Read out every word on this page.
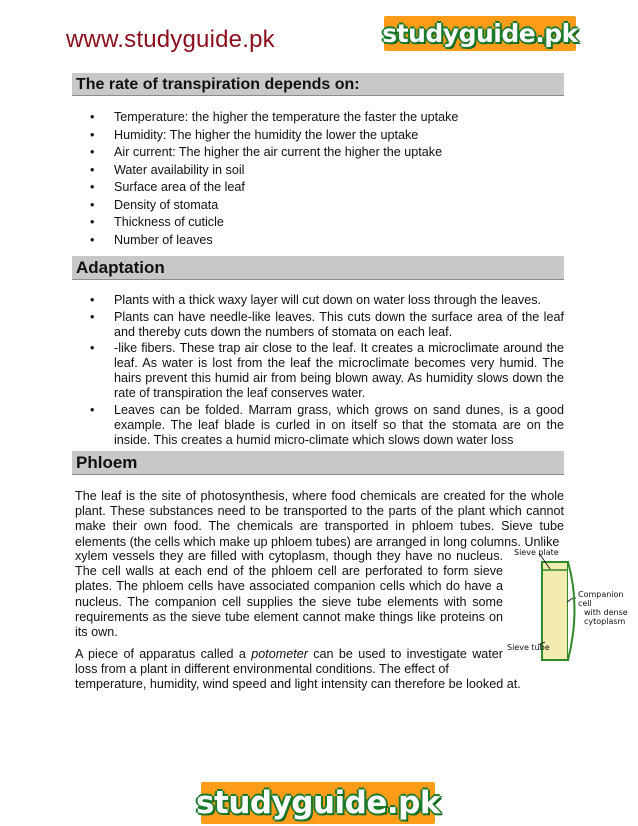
www.studyguide.pk	studyguide.pk
The rate of transpiration depends on:
• Temperature: the higher the temperature the faster the uptake
• Humidity: The higher the humidity the lower the uptake
• Air current: The higher the air current the higher the uptake
• Water availability in soil
• Surface area of the leaf
• Density of stomata
• Thickness of cuticle
• Number of leaves
Adaptation
• Plants with a thick waxy layer will cut down on water loss through the leaves.
• Plants can have needle-like leaves. This cuts down the surface area of the leaf and thereby cuts down the numbers of stomata on each leaf.
• -like fibers. These trap air close to the leaf. It creates a microclimate around the leaf. As water is lost from the leaf the microclimate becomes very humid. The hairs prevent this humid air from being blown away. As humidity slows down the rate of transpiration the leaf conserves water.
• Leaves can be folded. Marram grass, which grows on sand dunes, is a good example. The leaf blade is curled in on itself so that the stomata are on the inside. This creates a humid micro-climate which slows down water loss
Phloem
The leaf is the site of photosynthesis, where food chemicals are created for the whole plant. These substances need to be transported to the parts of the plant which cannot make their own food. The chemicals are transported in phloem tubes. Sieve tube elements (the cells which make up phloem tubes) are arranged in long columns. Unlike
xylem vessels they are filled with cytoplasm, though they have no nucleus. The cell walls at each end of the phloem cell are perforated to form sieve plates. The phloem cells have associated companion cells which do have a nucleus. The companion cell supplies the sieve tube elements with some requirements as the sieve tube element cannot make things like proteins on its own.
A piece of apparatus called a potometer can be used to investigate water loss from a plant in different environmental conditions. The effect of
temperature, humidity, wind speed and light intensity can therefore be looked at.
Sieve plate
Companion cell
with dense
cytoplasm
Sieve tube
studyguide.pk
